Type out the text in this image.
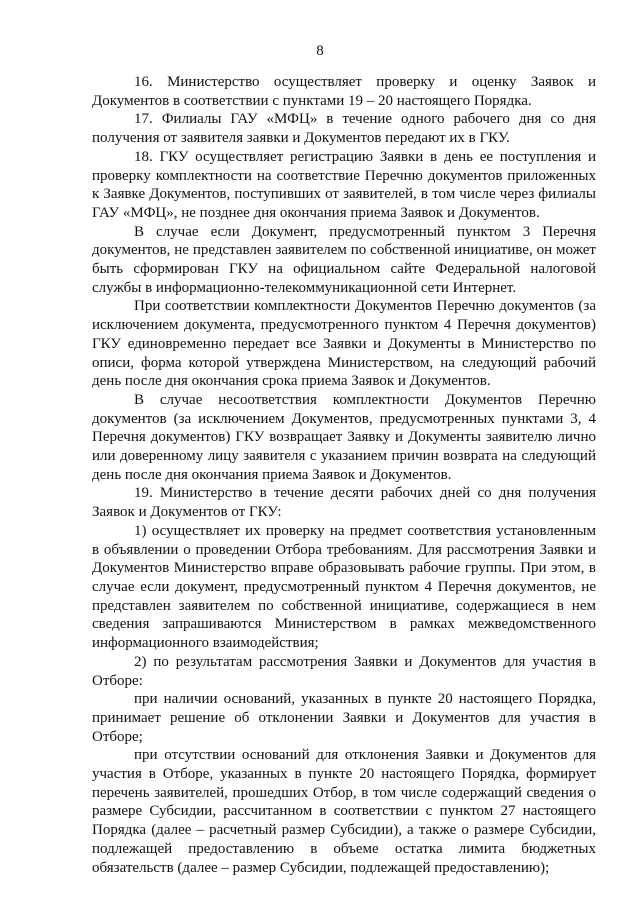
8

16. Министерство осуществляет проверку и оценку Заявок и Документов в соответствии с пунктами 19 – 20 настоящего Порядка.

17. Филиалы ГАУ «МФЦ» в течение одного рабочего дня со дня получения от заявителя заявки и Документов передают их в ГКУ.

18. ГКУ осуществляет регистрацию Заявки в день ее поступления и проверку комплектности на соответствие Перечню документов приложенных к Заявке Документов, поступивших от заявителей, в том числе через филиалы ГАУ «МФЦ», не позднее дня окончания приема Заявок и Документов.

В случае если Документ, предусмотренный пунктом 3 Перечня документов, не представлен заявителем по собственной инициативе, он может быть сформирован ГКУ на официальном сайте Федеральной налоговой службы в информационно-телекоммуникационной сети Интернет.

При соответствии комплектности Документов Перечню документов (за исключением документа, предусмотренного пунктом 4 Перечня документов) ГКУ единовременно передает все Заявки и Документы в Министерство по описи, форма которой утверждена Министерством, на следующий рабочий день после дня окончания срока приема Заявок и Документов.

В случае несоответствия комплектности Документов Перечню документов (за исключением Документов, предусмотренных пунктами 3, 4 Перечня документов) ГКУ возвращает Заявку и Документы заявителю лично или доверенному лицу заявителя с указанием причин возврата на следующий день после дня окончания приема Заявок и Документов.

19. Министерство в течение десяти рабочих дней со дня получения Заявок и Документов от ГКУ:

1) осуществляет их проверку на предмет соответствия установленным в объявлении о проведении Отбора требованиям. Для рассмотрения Заявки и Документов Министерство вправе образовывать рабочие группы. При этом, в случае если документ, предусмотренный пунктом 4 Перечня документов, не представлен заявителем по собственной инициативе, содержащиеся в нем сведения запрашиваются Министерством в рамках межведомственного информационного взаимодействия;

2) по результатам рассмотрения Заявки и Документов для участия в Отборе:

при наличии оснований, указанных в пункте 20 настоящего Порядка, принимает решение об отклонении Заявки и Документов для участия в Отборе;

при отсутствии оснований для отклонения Заявки и Документов для участия в Отборе, указанных в пункте 20 настоящего Порядка, формирует перечень заявителей, прошедших Отбор, в том числе содержащий сведения о размере Субсидии, рассчитанном в соответствии с пунктом 27 настоящего Порядка (далее – расчетный размер Субсидии), а также о размере Субсидии, подлежащей предоставлению в объеме остатка лимита бюджетных обязательств (далее – размер Субсидии, подлежащей предоставлению);
